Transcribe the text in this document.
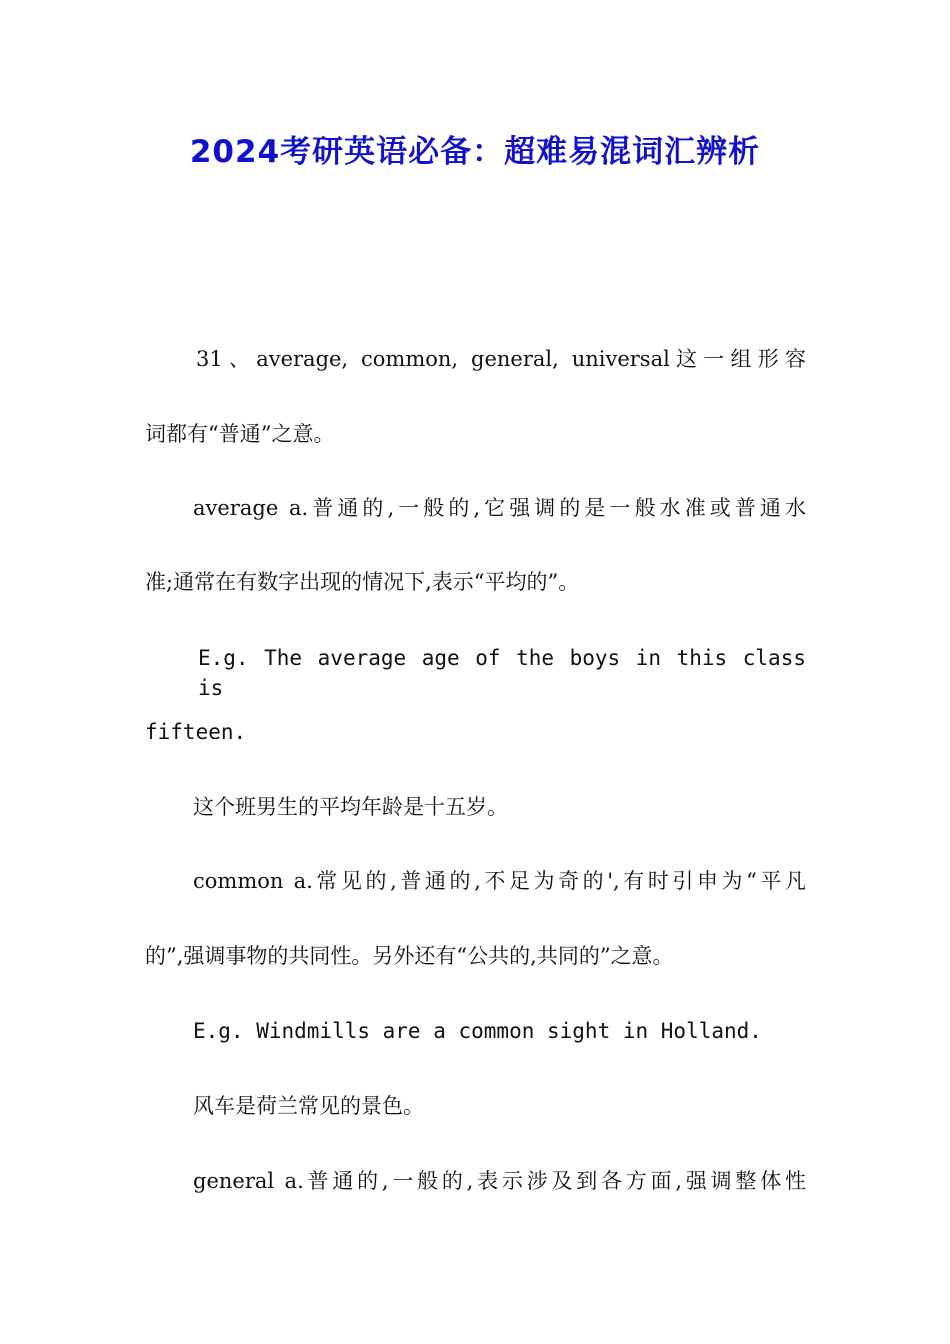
2024考研英语必备：超难易混词汇辨析
31、average, common, general, universal这一组形容
词都有“普通”之意。
average a.普通的,一般的,它强调的是一般水准或普通水
准;通常在有数字出现的情况下,表示“平均的”。
E.g. The average age of the boys in this class is
fifteen.
这个班男生的平均年龄是十五岁。
common a.常见的,普通的,不足为奇的',有时引申为“平凡
的”,强调事物的共同性。另外还有“公共的,共同的”之意。
E.g. Windmills are a common sight in Holland.
风车是荷兰常见的景色。
general a.普通的,一般的,表示涉及到各方面,强调整体性
